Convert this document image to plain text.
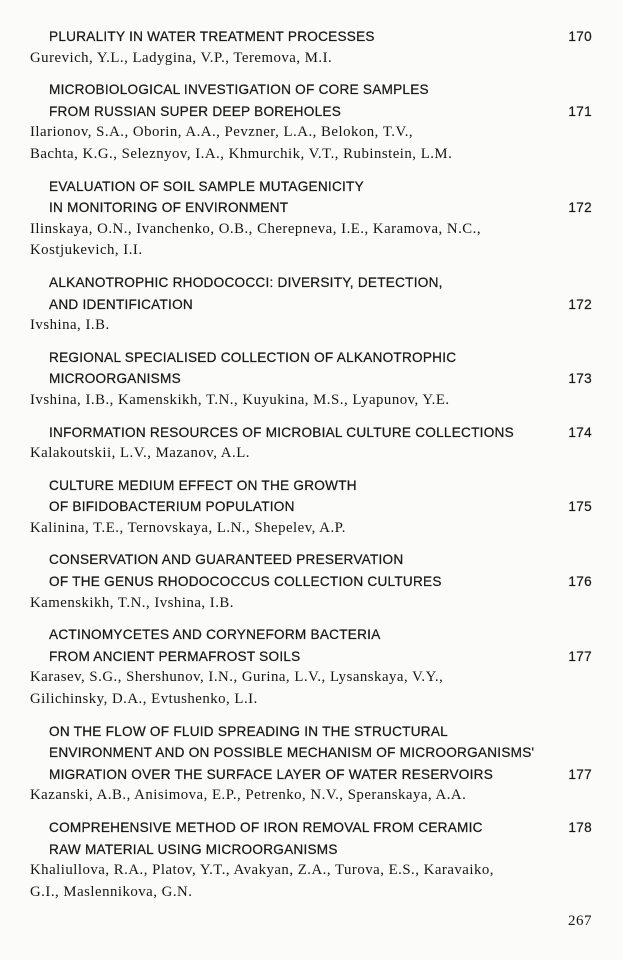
PLURALITY IN WATER TREATMENT PROCESSES	170
Gurevich, Y.L., Ladygina, V.P., Teremova, M.I.
MICROBIOLOGICAL INVESTIGATION OF CORE SAMPLES
FROM RUSSIAN SUPER DEEP BOREHOLES	171
Ilarionov, S.A., Oborin, A.A., Pevzner, L.A., Belokon, T.V.,
Bachta, K.G., Seleznyov, I.A., Khmurchik, V.T., Rubinstein, L.M.
EVALUATION OF SOIL SAMPLE MUTAGENICITY
IN MONITORING OF ENVIRONMENT	172
Ilinskaya, O.N., Ivanchenko, O.B., Cherepneva, I.E., Karamova, N.C.,
Kostjukevich, I.I.
ALKANOTROPHIC RHODOCOCCI: DIVERSITY, DETECTION,
AND IDENTIFICATION	172
Ivshina, I.B.
REGIONAL SPECIALISED COLLECTION OF ALKANOTROPHIC
MICROORGANISMS	173
Ivshina, I.B., Kamenskikh, T.N., Kuyukina, M.S., Lyapunov, Y.E.
INFORMATION RESOURCES OF MICROBIAL CULTURE COLLECTIONS	174
Kalakoutskii, L.V., Mazanov, A.L.
CULTURE MEDIUM EFFECT ON THE GROWTH
OF BIFIDOBACTERIUM POPULATION	175
Kalinina, T.E., Ternovskaya, L.N., Shepelev, A.P.
CONSERVATION AND GUARANTEED PRESERVATION
OF THE GENUS RHODOCOCCUS COLLECTION CULTURES	176
Kamenskikh, T.N., Ivshina, I.B.
ACTINOMYCETES AND CORYNEFORM BACTERIA
FROM ANCIENT PERMAFROST SOILS	177
Karasev, S.G., Shershunov, I.N., Gurina, L.V., Lysanskaya, V.Y.,
Gilichinsky, D.A., Evtushenko, L.I.
ON THE FLOW OF FLUID SPREADING IN THE STRUCTURAL
ENVIRONMENT AND ON POSSIBLE MECHANISM OF MICROORGANISMS'
MIGRATION OVER THE SURFACE LAYER OF WATER RESERVOIRS	177
Kazanski, A.B., Anisimova, E.P., Petrenko, N.V., Speranskaya, A.A.
COMPREHENSIVE METHOD OF IRON REMOVAL FROM CERAMIC	178
RAW MATERIAL USING MICROORGANISMS
Khaliullova, R.A., Platov, Y.T., Avakyan, Z.A., Turova, E.S., Karavaiko,
G.I., Maslennikova, G.N.
267
